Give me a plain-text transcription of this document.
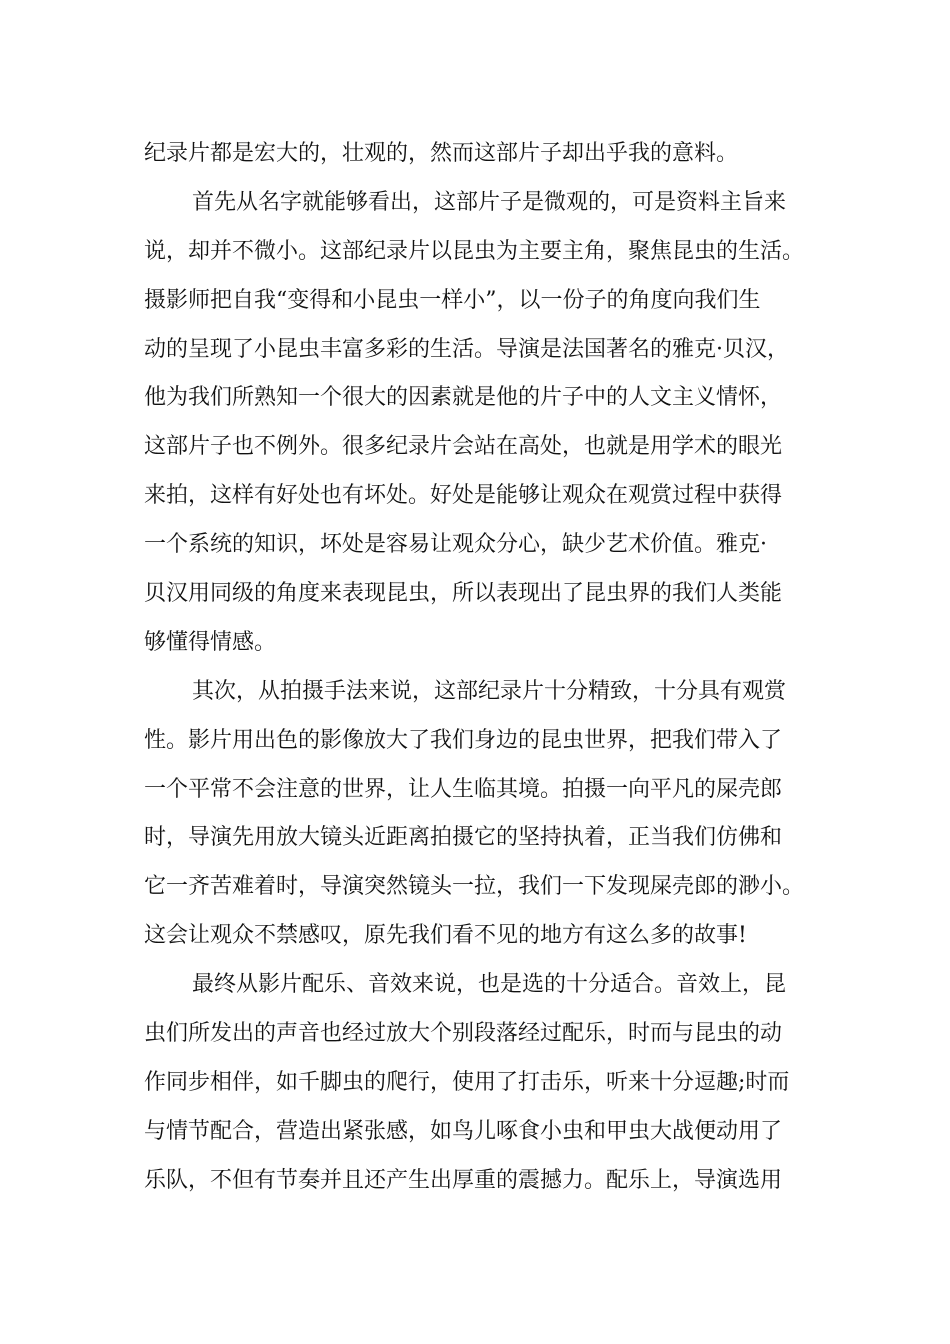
纪录片都是宏大的，壮观的，然而这部片子却出乎我的意料。
首先从名字就能够看出，这部片子是微观的，可是资料主旨来
说，却并不微小。这部纪录片以昆虫为主要主角，聚焦昆虫的生活。
摄影师把自我“变得和小昆虫一样小”，以一份子的角度向我们生
动的呈现了小昆虫丰富多彩的生活。导演是法国著名的雅克·贝汉，
他为我们所熟知一个很大的因素就是他的片子中的人文主义情怀，
这部片子也不例外。很多纪录片会站在高处，也就是用学术的眼光
来拍，这样有好处也有坏处。好处是能够让观众在观赏过程中获得
一个系统的知识，坏处是容易让观众分心，缺少艺术价值。雅克·
贝汉用同级的角度来表现昆虫，所以表现出了昆虫界的我们人类能
够懂得情感。
其次，从拍摄手法来说，这部纪录片十分精致，十分具有观赏
性。影片用出色的影像放大了我们身边的昆虫世界，把我们带入了
一个平常不会注意的世界，让人生临其境。拍摄一向平凡的屎壳郎
时，导演先用放大镜头近距离拍摄它的坚持执着，正当我们仿佛和
它一齐苦难着时，导演突然镜头一拉，我们一下发现屎壳郎的渺小。
这会让观众不禁感叹，原先我们看不见的地方有这么多的故事!
最终从影片配乐、音效来说，也是选的十分适合。音效上，昆
虫们所发出的声音也经过放大个别段落经过配乐，时而与昆虫的动
作同步相伴，如千脚虫的爬行，使用了打击乐，听来十分逗趣;时而
与情节配合，营造出紧张感，如鸟儿啄食小虫和甲虫大战便动用了
乐队，不但有节奏并且还产生出厚重的震撼力。配乐上，导演选用
